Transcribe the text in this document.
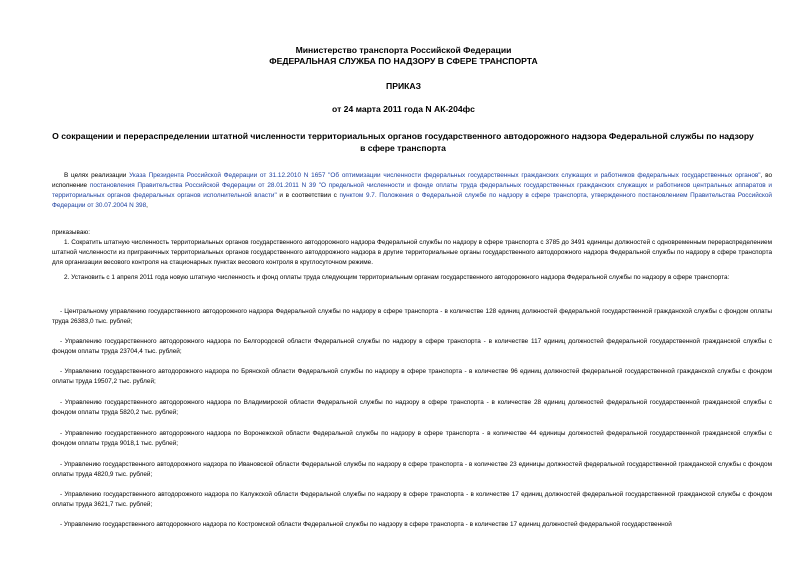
Министерство транспорта Российской Федерации
ФЕДЕРАЛЬНАЯ СЛУЖБА ПО НАДЗОРУ В СФЕРЕ ТРАНСПОРТА
ПРИКАЗ
от 24 марта 2011 года N АК-204фс
О сокращении и перераспределении штатной численности территориальных органов государственного автодорожного надзора Федеральной службы по надзору в сфере транспорта
В целях реализации Указа Президента Российской Федерации от 31.12.2010 N 1657 "Об оптимизации численности федеральных государственных гражданских служащих и работников федеральных государственных органов", во исполнение постановления Правительства Российской Федерации от 28.01.2011 N 39 "О предельной численности и фонде оплаты труда федеральных государственных гражданских служащих и работников центральных аппаратов и территориальных органов федеральных органов исполнительной власти" и в соответствии с пунктом 9.7. Положения о Федеральной службе по надзору в сфере транспорта, утвержденного постановлением Правительства Российской Федерации от 30.07.2004 N 398,
приказываю:
1. Сократить штатную численность территориальных органов государственного автодорожного надзора Федеральной службы по надзору в сфере транспорта с 3785 до 3491 единицы должностей с одновременным перераспределением штатной численности из приграничных территориальных органов государственного автодорожного надзора в другие территориальные органы государственного автодорожного надзора Федеральной службы по надзору в сфере транспорта для организации весового контроля на стационарных пунктах весового контроля в круглосуточном режиме.
2. Установить с 1 апреля 2011 года новую штатную численность и фонд оплаты труда следующим территориальным органам государственного автодорожного надзора Федеральной службы по надзору в сфере транспорта:
- Центральному управлению государственного автодорожного надзора Федеральной службы по надзору в сфере транспорта - в количестве 128 единиц должностей федеральной государственной гражданской службы с фондом оплаты труда 26383,0 тыс. рублей;
- Управлению государственного автодорожного надзора по Белгородской области Федеральной службы по надзору в сфере транспорта - в количестве 117 единиц должностей федеральной государственной гражданской службы с фондом оплаты труда 23704,4 тыс. рублей;
- Управлению государственного автодорожного надзора по Брянской области Федеральной службы по надзору в сфере транспорта - в количестве 96 единиц должностей федеральной государственной гражданской службы с фондом оплаты труда 19507,2 тыс. рублей;
- Управлению государственного автодорожного надзора по Владимирской области Федеральной службы по надзору в сфере транспорта - в количестве 28 единиц должностей федеральной государственной гражданской службы с фондом оплаты труда 5820,2 тыс. рублей;
- Управлению государственного автодорожного надзора по Воронежской области Федеральной службы по надзору в сфере транспорта - в количестве 44 единицы должностей федеральной государственной гражданской службы с фондом оплаты труда 9018,1 тыс. рублей;
- Управлению государственного автодорожного надзора по Ивановской области Федеральной службы по надзору в сфере транспорта - в количестве 23 единицы должностей федеральной государственной гражданской службы с фондом оплаты труда 4820,9 тыс. рублей;
- Управлению государственного автодорожного надзора по Калужской области Федеральной службы по надзору в сфере транспорта - в количестве 17 единиц должностей федеральной государственной гражданской службы с фондом оплаты труда 3621,7 тыс. рублей;
- Управлению государственного автодорожного надзора по Костромской области Федеральной службы по надзору в сфере транспорта - в количестве 17 единиц должностей федеральной государственной
